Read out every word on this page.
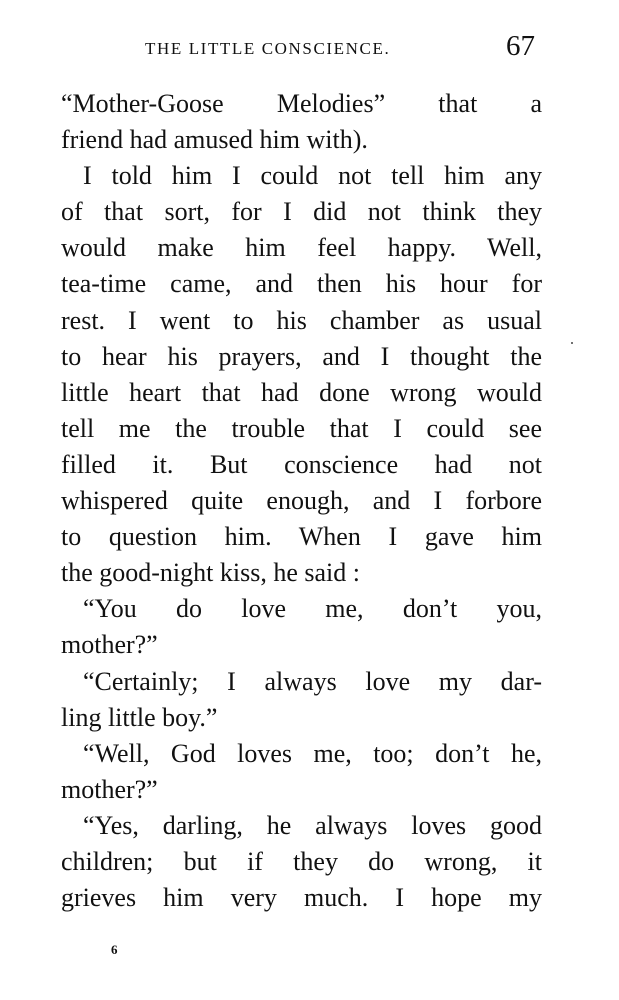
THE LITTLE CONSCIENCE.	67
“Mother-Goose Melodies” that a
friend had amused him with).
I told him I could not tell him any
of that sort, for I did not think they
would make him feel happy. Well,
tea-time came, and then his hour for
rest. I went to his chamber as usual
to hear his prayers, and I thought the
little heart that had done wrong would
tell me the trouble that I could see
filled it. But conscience had not
whispered quite enough, and I forbore
to question him. When I gave him
the good-night kiss, he said :
“You do love me, don’t you,
mother?”
“Certainly; I always love my dar-
ling little boy.”
“Well, God loves me, too; don’t he,
mother?”
“Yes, darling, he always loves good
children; but if they do wrong, it
grieves him very much. I hope my
6
